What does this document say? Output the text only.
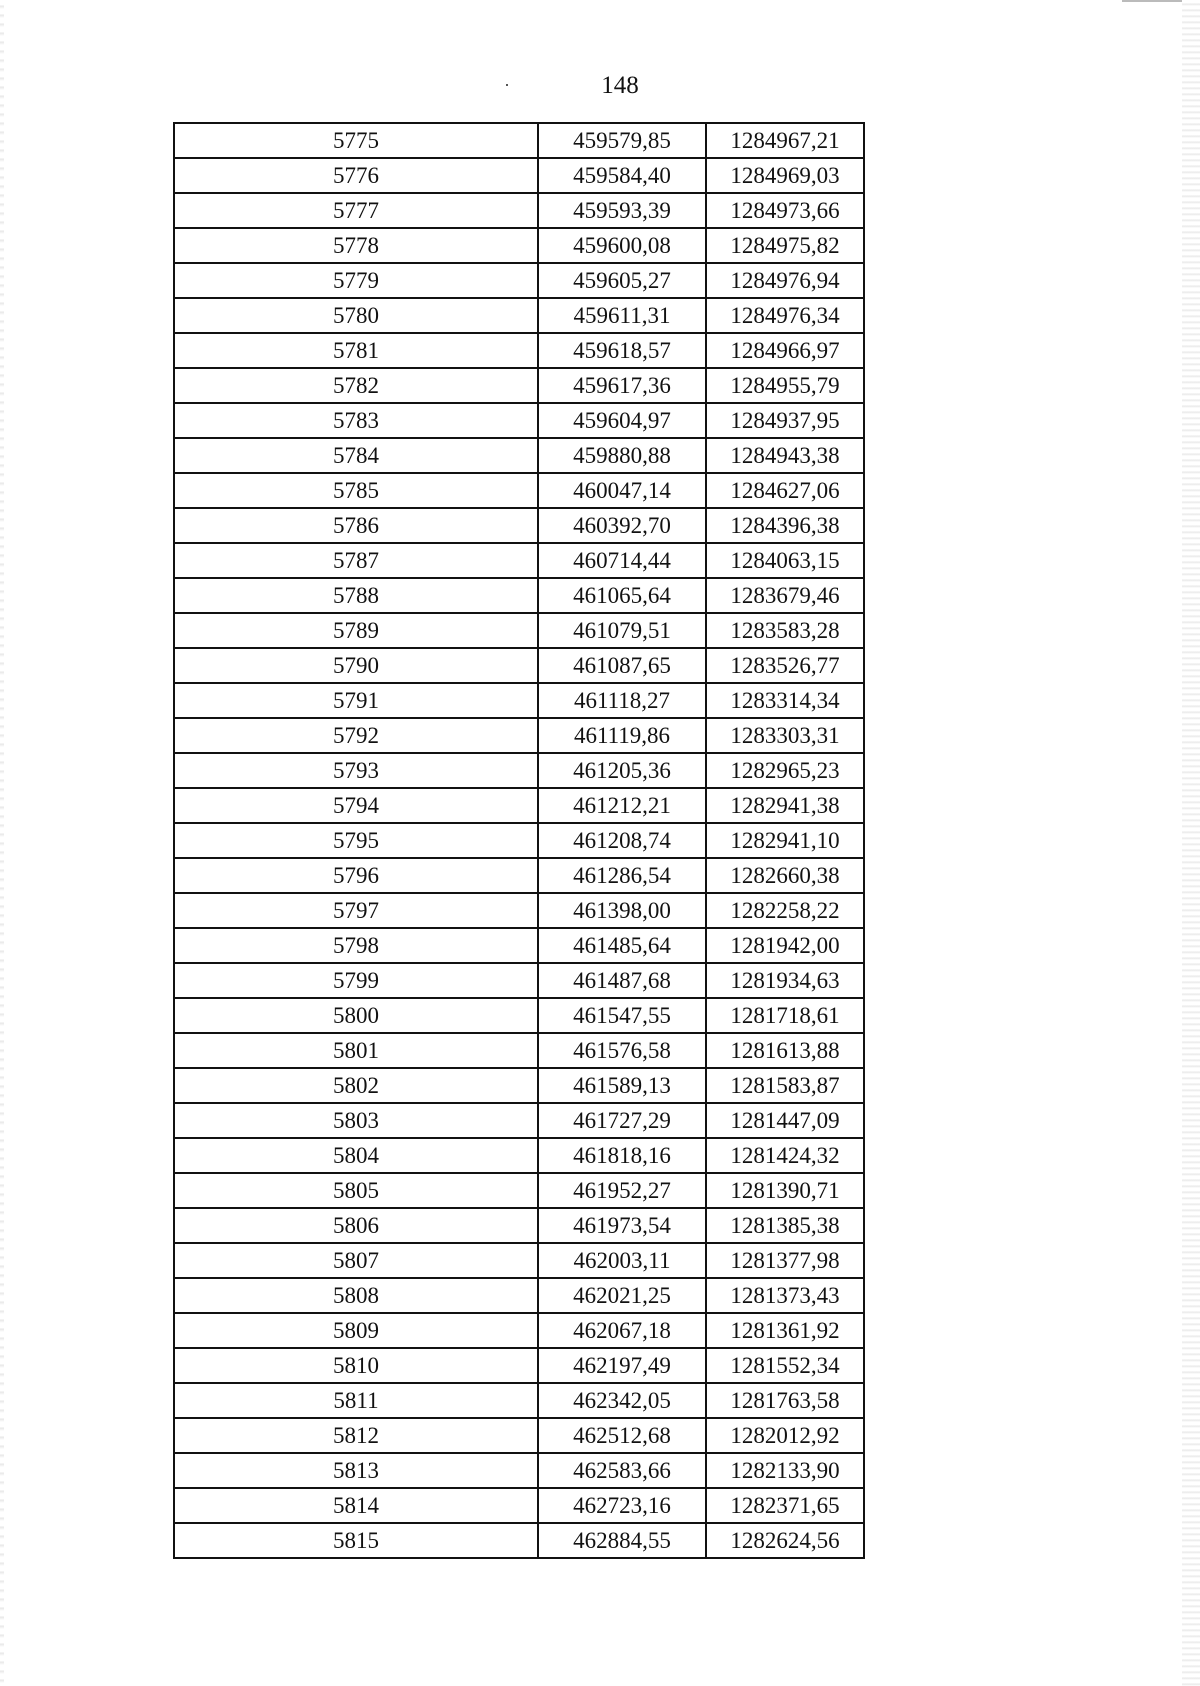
148
5775	459579,85	1284967,21
5776	459584,40	1284969,03
5777	459593,39	1284973,66
5778	459600,08	1284975,82
5779	459605,27	1284976,94
5780	459611,31	1284976,34
5781	459618,57	1284966,97
5782	459617,36	1284955,79
5783	459604,97	1284937,95
5784	459880,88	1284943,38
5785	460047,14	1284627,06
5786	460392,70	1284396,38
5787	460714,44	1284063,15
5788	461065,64	1283679,46
5789	461079,51	1283583,28
5790	461087,65	1283526,77
5791	461118,27	1283314,34
5792	461119,86	1283303,31
5793	461205,36	1282965,23
5794	461212,21	1282941,38
5795	461208,74	1282941,10
5796	461286,54	1282660,38
5797	461398,00	1282258,22
5798	461485,64	1281942,00
5799	461487,68	1281934,63
5800	461547,55	1281718,61
5801	461576,58	1281613,88
5802	461589,13	1281583,87
5803	461727,29	1281447,09
5804	461818,16	1281424,32
5805	461952,27	1281390,71
5806	461973,54	1281385,38
5807	462003,11	1281377,98
5808	462021,25	1281373,43
5809	462067,18	1281361,92
5810	462197,49	1281552,34
5811	462342,05	1281763,58
5812	462512,68	1282012,92
5813	462583,66	1282133,90
5814	462723,16	1282371,65
5815	462884,55	1282624,56
